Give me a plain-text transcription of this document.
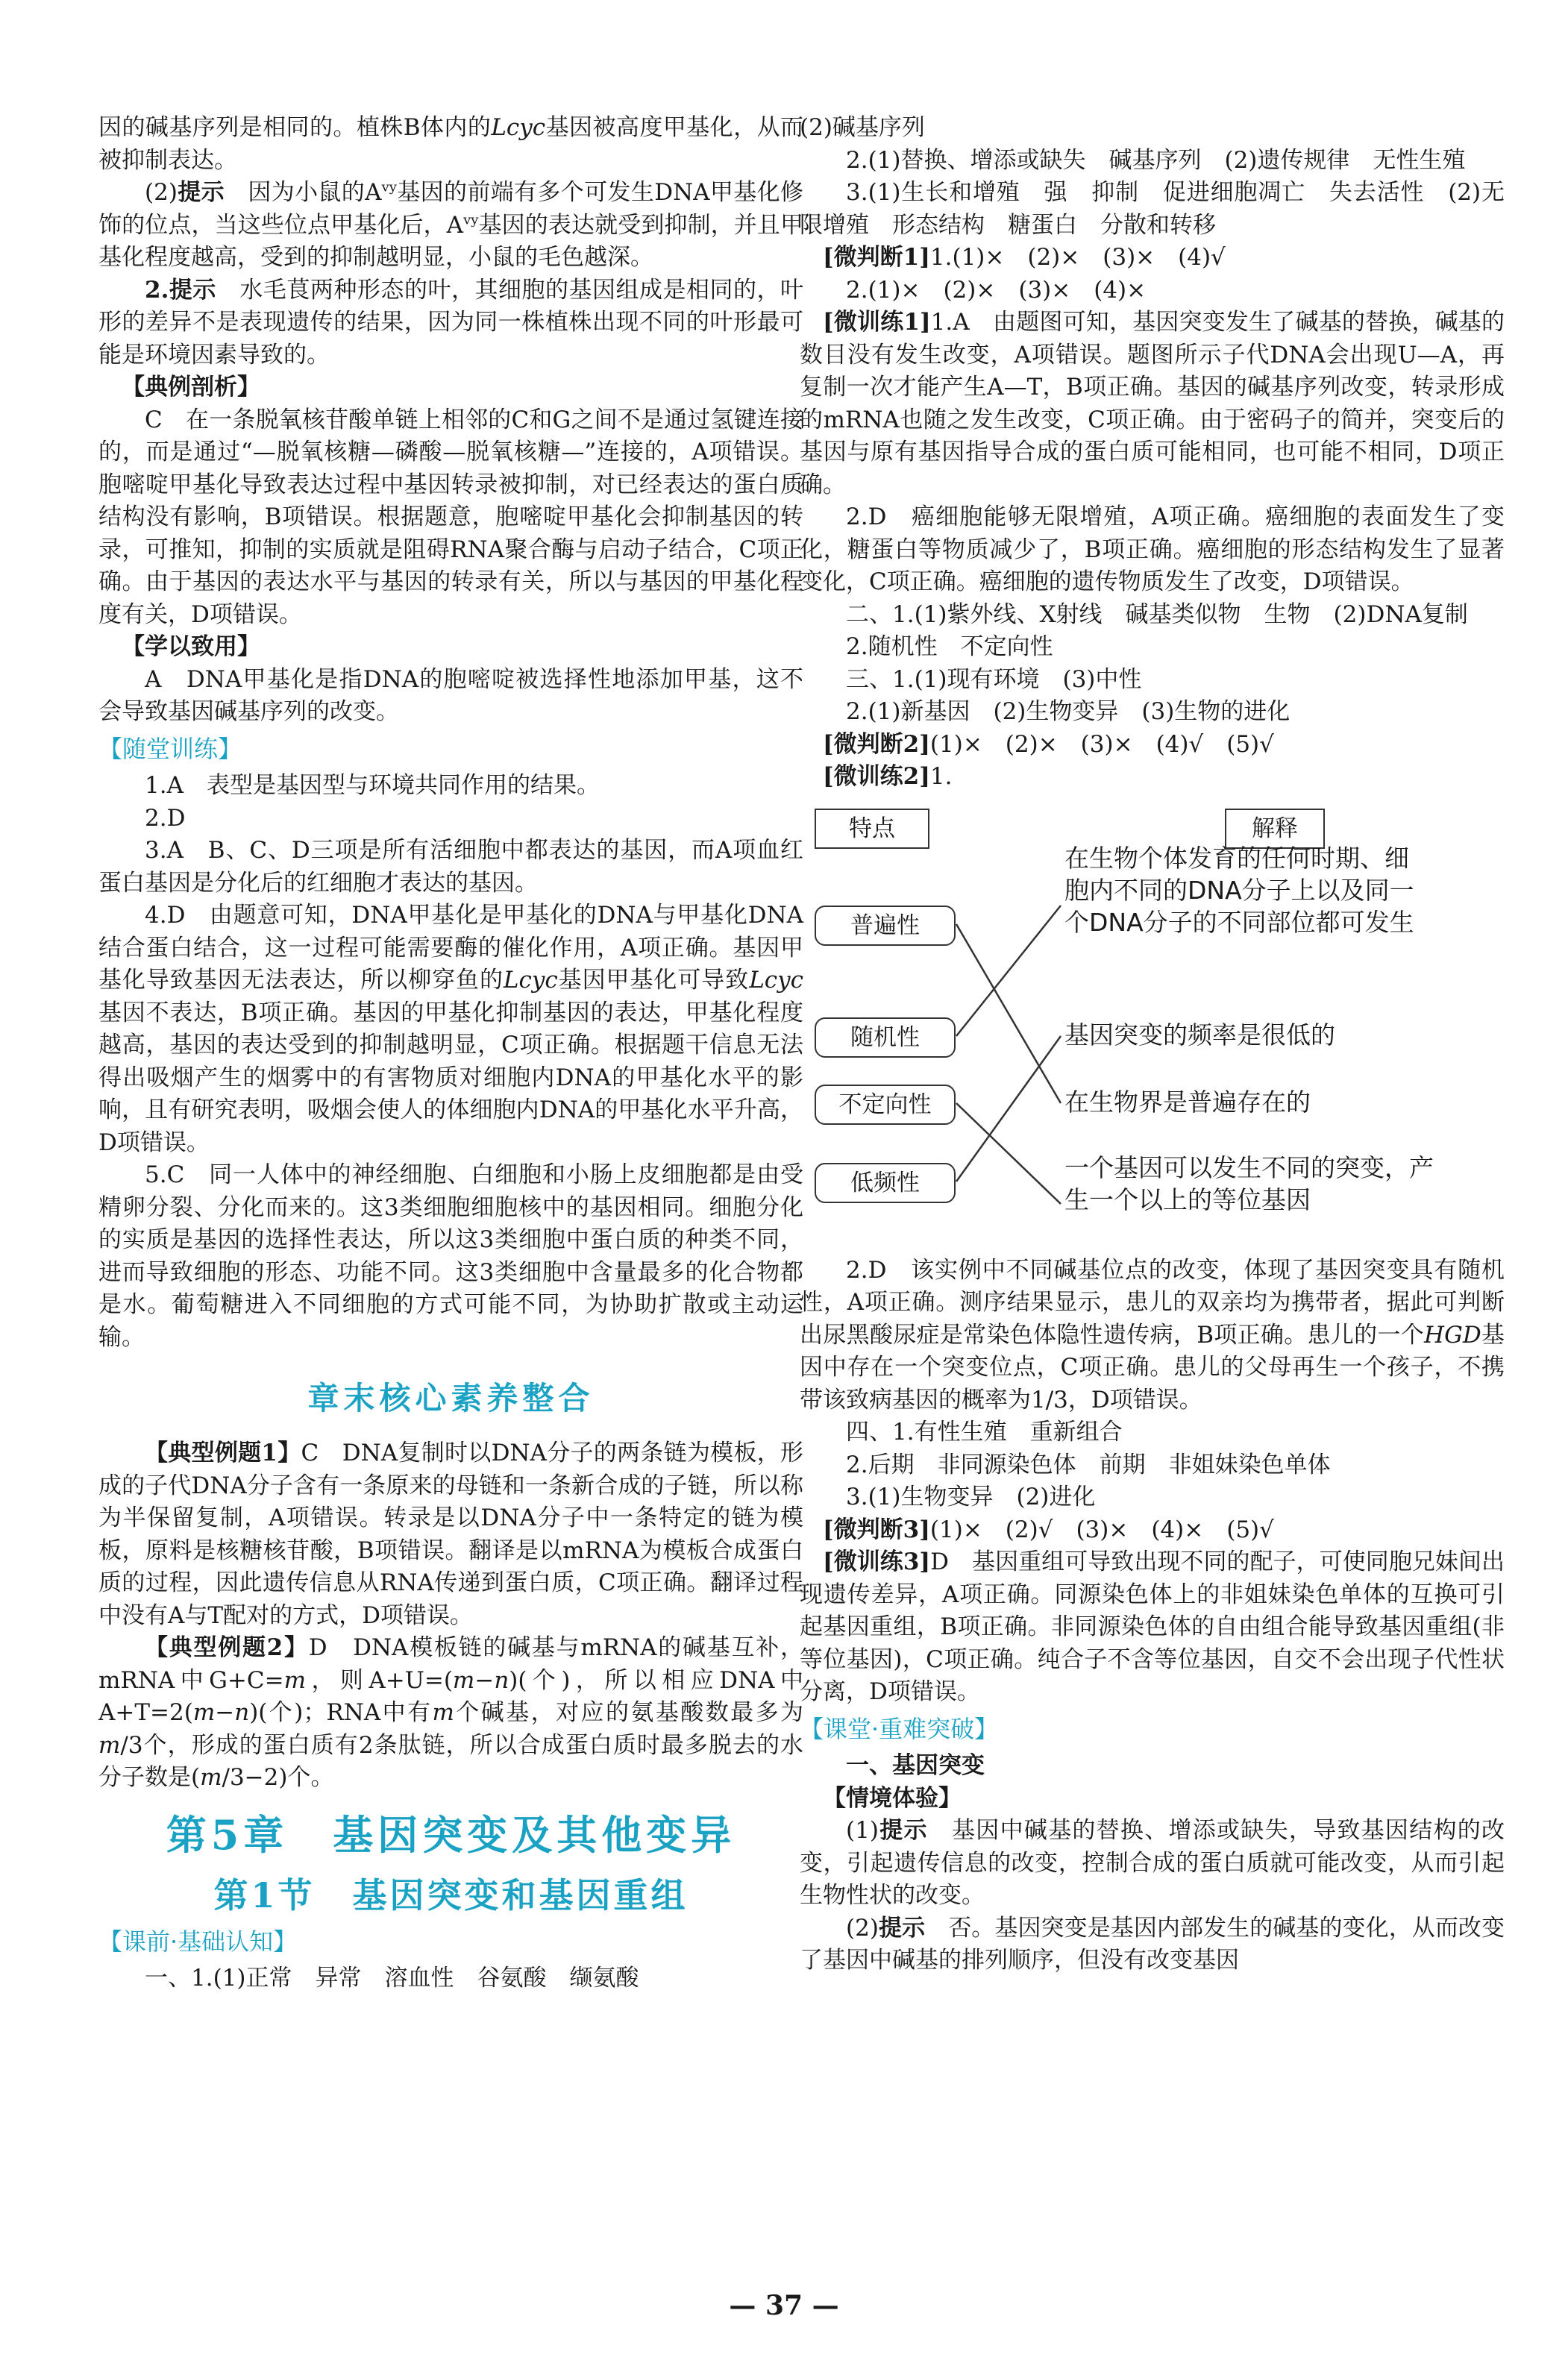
因的碱基序列是相同的。植株B体内的Lcyc基因被高度甲基化，从而被抑制表达。

(2)提示　 因为小鼠的$A^{vy}$基因的前端有多个可发生DNA甲基化修饰的位点，当这些位点甲基化后，$A^{vy}$基因的表达就受到抑制，并且甲基化程度越高，受到的抑制越明显，小鼠的毛色越深。

2.提示　 水毛茛两种形态的叶，其细胞的基因组成是相同的，叶形的差异不是表现遗传的结果，因为同一株植株出现不同的叶形最可能是环境因素导致的。

【典例剖析】

C　在一条脱氧核苷酸单链上相邻的C和G之间不是通过氢键连接的，而是通过“—脱氧核糖—磷酸—脱氧核糖—”连接的，A项错误。胞嘧啶甲基化导致表达过程中基因转录被抑制，对已经表达的蛋白质结构没有影响，B项错误。根据题意，胞嘧啶甲基化会抑制基因的转录，可推知，抑制的实质就是阻碍RNA聚合酶与启动子结合，C项正确。由于基因的表达水平与基因的转录有关，所以与基因的甲基化程度有关，D项错误。

【学以致用】

A　DNA甲基化是指DNA的胞嘧啶被选择性地添加甲基，这不会导致基因碱基序列的改变。

【随堂训练】

1.A　表型是基因型与环境共同作用的结果。

2.D

3.A　B、C、D三项是所有活细胞中都表达的基因，而A项血红蛋白基因是分化后的红细胞才表达的基因。

4.D　由题意可知，DNA甲基化是甲基化的DNA与甲基化DNA结合蛋白结合，这一过程可能需要酶的催化作用，A项正确。基因甲基化导致基因无法表达，所以柳穿鱼的Lcyc基因甲基化可导致Lcyc基因不表达，B项正确。基因的甲基化抑制基因的表达，甲基化程度越高，基因的表达受到的抑制越明显，C项正确。根据题干信息无法得出吸烟产生的烟雾中的有害物质对细胞内DNA的甲基化水平的影响，且有研究表明，吸烟会使人的体细胞内DNA的甲基化水平升高，D项错误。

5.C　同一人体中的神经细胞、白细胞和小肠上皮细胞都是由受精卵分裂、分化而来的。这3类细胞细胞核中的基因相同。细胞分化的实质是基因的选择性表达，所以这3类细胞中蛋白质的种类不同，进而导致细胞的形态、功能不同。这3类细胞中含量最多的化合物都是水。葡萄糖进入不同细胞的方式可能不同，为协助扩散或主动运输。

章末核心素养整合

【典型例题1】C　DNA复制时以DNA分子的两条链为模板，形成的子代DNA分子含有一条原来的母链和一条新合成的子链，所以称为半保留复制，A项错误。转录是以DNA分子中一条特定的链为模板，原料是核糖核苷酸，B项错误。翻译是以mRNA为模板合成蛋白质的过程，因此遗传信息从RNA传递到蛋白质，C项正确。翻译过程中没有A与T配对的方式，D项错误。

【典型例题2】D　DNA模板链的碱基与mRNA的碱基互补，mRNA中G+C=m，则A+U=(m−n)(个)，所以相应DNA中A+T=2(m−n)(个)；RNA中有m个碱基，对应的氨基酸数最多为m/3个，形成的蛋白质有2条肽链，所以合成蛋白质时最多脱去的水分子数是(m/3−2)个。

第5章　基因突变及其他变异
第1节　基因突变和基因重组
【课前·基础认知】

一、1.(1)正常　异常　溶血性　谷氨酸　缬氨酸

(2)碱基序列

2.(1)替换、增添或缺失　碱基序列　(2)遗传规律　无性生殖

3.(1)生长和增殖　强　抑制　促进细胞凋亡　失去活性　(2)无限增殖　形态结构　糖蛋白　分散和转移

[微判断1]1.(1)×　(2)×　(3)×　(4)√

2.(1)×　(2)×　(3)×　(4)×

[微训练1]1.A　由题图可知，基因突变发生了碱基的替换，碱基的数目没有发生改变，A项错误。题图所示子代DNA会出现U—A，再复制一次才能产生A—T，B项正确。基因的碱基序列改变，转录形成的mRNA也随之发生改变，C项正确。由于密码子的简并，突变后的基因与原有基因指导合成的蛋白质可能相同，也可能不相同，D项正确。

2.D　癌细胞能够无限增殖，A项正确。癌细胞的表面发生了变化，糖蛋白等物质减少了，B项正确。癌细胞的形态结构发生了显著变化，C项正确。癌细胞的遗传物质发生了改变，D项错误。

二、1.(1)紫外线、X射线　碱基类似物　生物　(2)DNA复制

2.随机性　不定向性

三、1.(1)现有环境　(3)中性

2.(1)新基因　(2)生物变异　(3)生物的进化

[微判断2](1)×　(2)×　(3)×　(4)√　(5)√

[微训练2]1.

特点	解释
普遍性
随机性
不定向性
低频性
在生物个体发育的任何时期、细胞内不同的DNA分子上以及同一个DNA分子的不同部位都可发生
基因突变的频率是很低的
在生物界是普遍存在的
一个基因可以发生不同的突变，产生一个以上的等位基因

2.D　该实例中不同碱基位点的改变，体现了基因突变具有随机性，A项正确。测序结果显示，患儿的双亲均为携带者，据此可判断出尿黑酸尿症是常染色体隐性遗传病，B项正确。患儿的一个HGD基因中存在一个突变位点，C项正确。患儿的父母再生一个孩子，不携带该致病基因的概率为1/3，D项错误。

四、1.有性生殖　重新组合

2.后期　非同源染色体　前期　非姐妹染色单体

3.(1)生物变异　(2)进化

[微判断3](1)×　(2)√　(3)×　(4)×　(5)√

[微训练3]D　基因重组可导致出现不同的配子，可使同胞兄妹间出现遗传差异，A项正确。同源染色体上的非姐妹染色单体的互换可引起基因重组，B项正确。非同源染色体的自由组合能导致基因重组(非等位基因)，C项正确。纯合子不含等位基因，自交不会出现子代性状分离，D项错误。

【课堂·重难突破】

一、基因突变

【情境体验】

(1)提示　 基因中碱基的替换、增添或缺失，导致基因结构的改变，引起遗传信息的改变，控制合成的蛋白质就可能改变，从而引起生物性状的改变。

(2)提示　 否。基因突变是基因内部发生的碱基的变化，从而改变了基因中碱基的排列顺序，但没有改变基因

— 37 —
